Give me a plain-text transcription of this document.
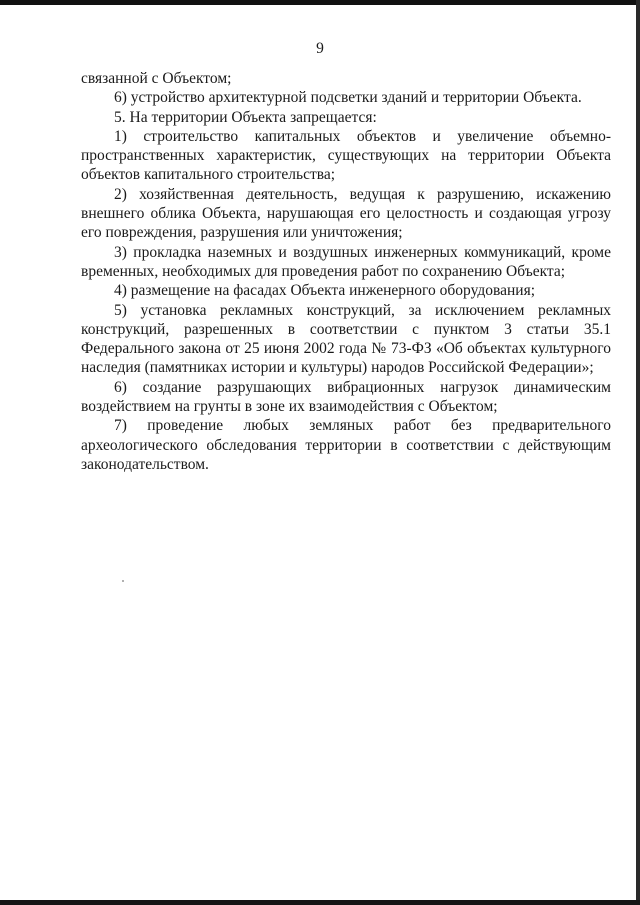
9

связанной с Объектом;

6) устройство архитектурной подсветки зданий и территории Объекта.

5. На территории Объекта запрещается:

1) строительство капитальных объектов и увеличение объемно-пространственных характеристик, существующих на территории Объекта объектов капитального строительства;

2) хозяйственная деятельность, ведущая к разрушению, искажению внешнего облика Объекта, нарушающая его целостность и создающая угрозу его повреждения, разрушения или уничтожения;

3) прокладка наземных и воздушных инженерных коммуникаций, кроме временных, необходимых для проведения работ по сохранению Объекта;

4) размещение на фасадах Объекта инженерного оборудования;

5) установка рекламных конструкций, за исключением рекламных конструкций, разрешенных в соответствии с пунктом 3 статьи 35.1 Федерального закона от 25 июня 2002 года № 73-ФЗ «Об объектах культурного наследия (памятниках истории и культуры) народов Российской Федерации»;

6) создание разрушающих вибрационных нагрузок динамическим воздействием на грунты в зоне их взаимодействия с Объектом;

7) проведение любых земляных работ без предварительного археологического обследования территории в соответствии с действующим законодательством.
